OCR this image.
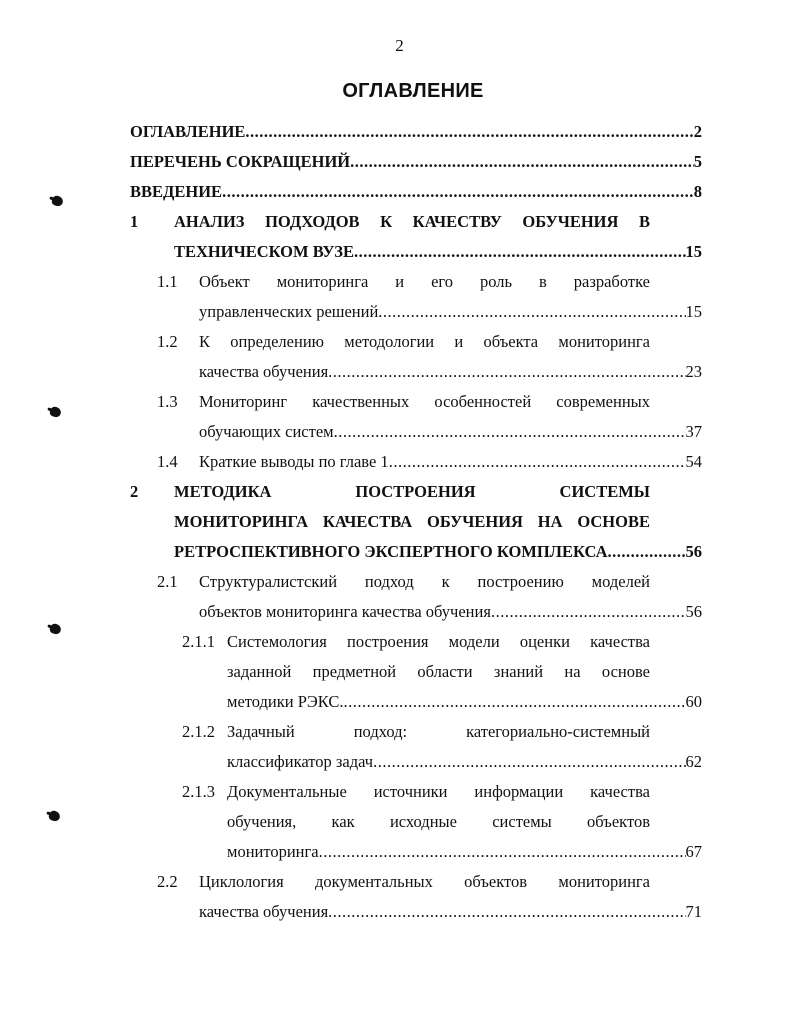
2
ОГЛАВЛЕНИЕ
ОГЛАВЛЕНИЕ .....	2
ПЕРЕЧЕНЬ СОКРАЩЕНИЙ .....	5
ВВЕДЕНИЕ .....	8
1 АНАЛИЗ ПОДХОДОВ К КАЧЕСТВУ ОБУЧЕНИЯ В
ТЕХНИЧЕСКОМ ВУЗЕ .....	15
1.1 Объект мониторинга и его роль в разработке
управленческих решений .....	15
1.2 К определению методологии и объекта мониторинга
качества обучения .....	23
1.3 Мониторинг качественных особенностей современных
обучающих систем .....	37
1.4 Краткие выводы по главе 1 .....	54
2 МЕТОДИКА ПОСТРОЕНИЯ СИСТЕМЫ
МОНИТОРИНГА КАЧЕСТВА ОБУЧЕНИЯ НА ОСНОВЕ
РЕТРОСПЕКТИВНОГО ЭКСПЕРТНОГО КОМПЛЕКСА .....	56
2.1 Структуралистский подход к построению моделей
объектов мониторинга качества обучения .....	56
2.1.1 Системология построения модели оценки качества
заданной предметной области знаний на основе
методики РЭКС. .....	60
2.1.2 Задачный подход: категориально-системный
классификатор задач .....	62
2.1.3 Документальные источники информации качества
обучения, как исходные системы объектов
мониторинга .....	67
2.2 Циклология документальных объектов мониторинга
качества обучения .....	71
